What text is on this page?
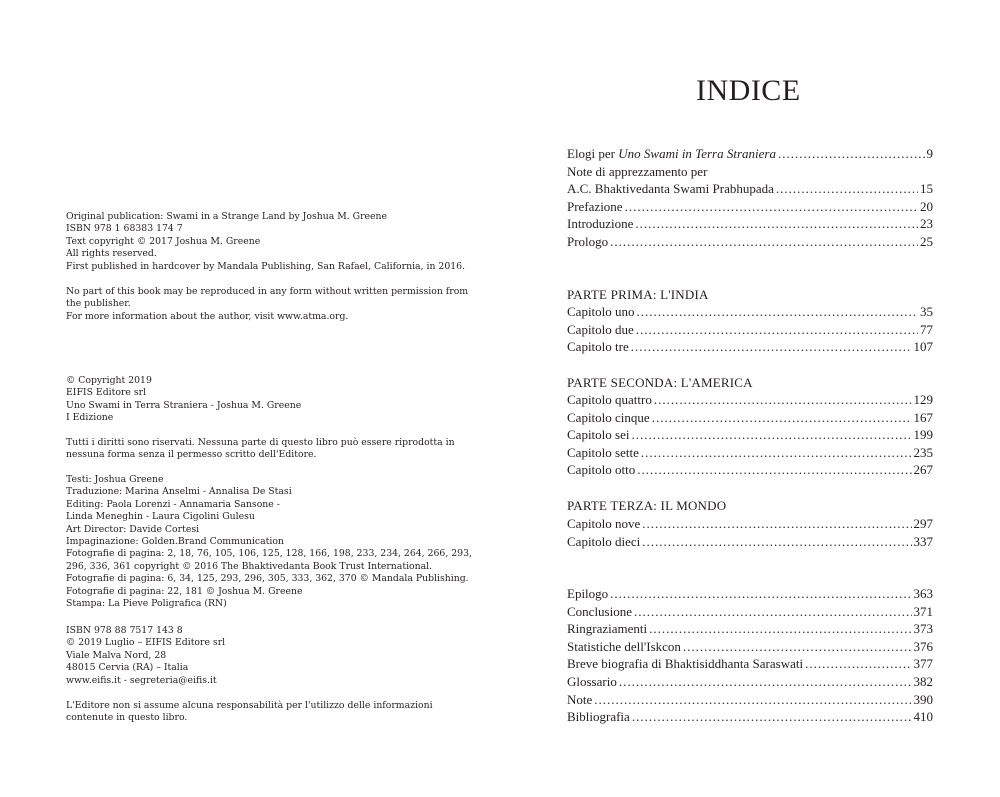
Original publication: Swami in a Strange Land by Joshua M. Greene
ISBN 978 1 68383 174 7
Text copyright © 2017 Joshua M. Greene
All rights reserved.
First published in hardcover by Mandala Publishing, San Rafael, California, in 2016.
No part of this book may be reproduced in any form without written permission from
the publisher.
For more information about the author, visit www.atma.org.
© Copyright 2019
EIFIS Editore srl
Uno Swami in Terra Straniera - Joshua M. Greene
I Edizione
Tutti i diritti sono riservati. Nessuna parte di questo libro può essere riprodotta in
nessuna forma senza il permesso scritto dell'Editore.
Testi: Joshua Greene
Traduzione: Marina Anselmi - Annalisa De Stasi
Editing: Paola Lorenzi - Annamaria Sansone -
Linda Meneghin - Laura Cigolini Gulesu
Art Director: Davide Cortesi
Impaginazione: Golden.Brand Communication
Fotografie di pagina: 2, 18, 76, 105, 106, 125, 128, 166, 198, 233, 234, 264, 266, 293,
296, 336, 361 copyright © 2016 The Bhaktivedanta Book Trust International.
Fotografie di pagina: 6, 34, 125, 293, 296, 305, 333, 362, 370 © Mandala Publishing.
Fotografie di pagina: 22, 181 © Joshua M. Greene
Stampa: La Pieve Poligrafica (RN)
ISBN 978 88 7517 143 8
© 2019 Luglio – EIFIS Editore srl
Viale Malva Nord, 28
48015 Cervia (RA) – Italia
www.eifis.it - segreteria@eifis.it
L'Editore non si assume alcuna responsabilità per l'utilizzo delle informazioni
contenute in questo libro.
INDICE
Elogi per Uno Swami in Terra Straniera .....	9
Note di apprezzamento per
A.C. Bhaktivedanta Swami Prabhupada .....	15
Prefazione .....	20
Introduzione .....	23
Prologo .....	25
PARTE PRIMA: L'INDIA
Capitolo uno .....	35
Capitolo due .....	77
Capitolo tre .....	107
PARTE SECONDA: L'AMERICA
Capitolo quattro .....	129
Capitolo cinque .....	167
Capitolo sei .....	199
Capitolo sette .....	235
Capitolo otto .....	267
PARTE TERZA: IL MONDO
Capitolo nove .....	297
Capitolo dieci .....	337
Epilogo .....	363
Conclusione .....	371
Ringraziamenti .....	373
Statistiche dell'Iskcon .....	376
Breve biografia di Bhaktisiddhanta Saraswati .....	377
Glossario .....	382
Note .....	390
Bibliografia .....	410
